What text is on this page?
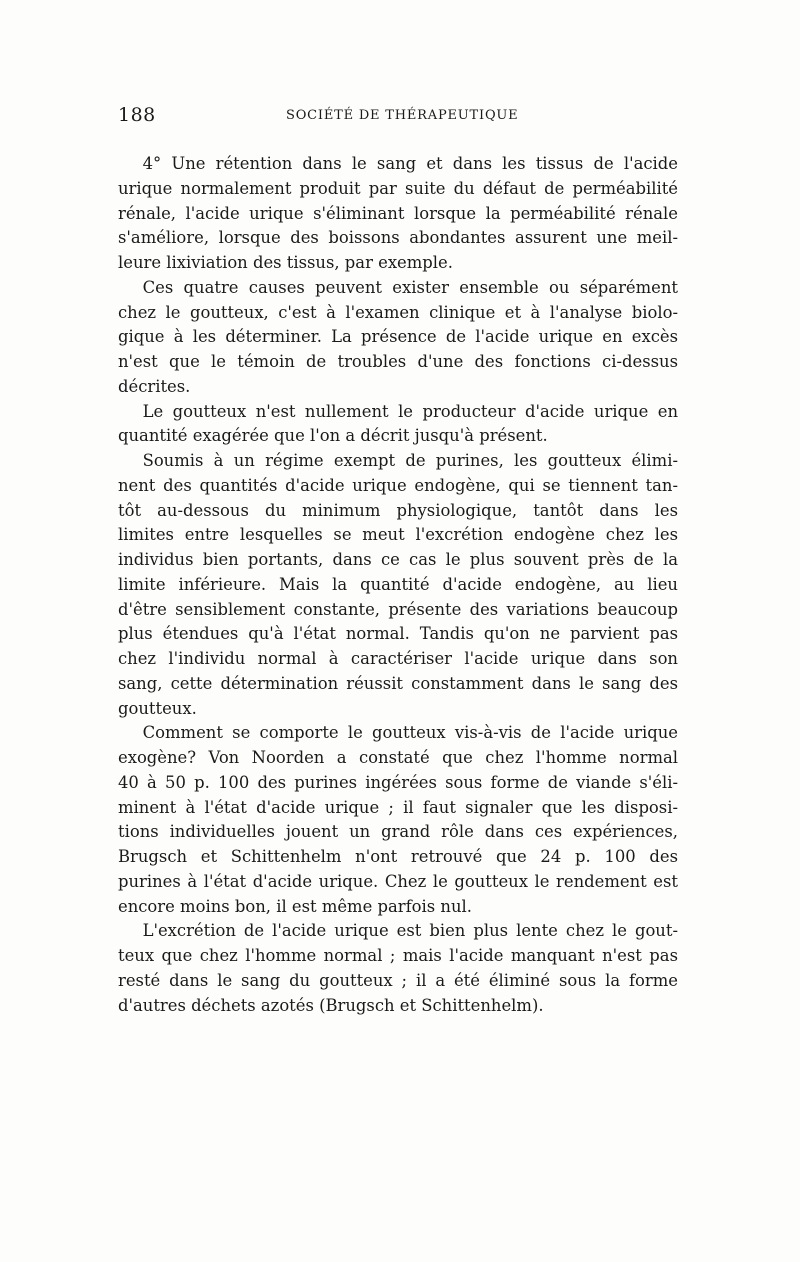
188	SOCIÉTÉ DE THÉRAPEUTIQUE
  4° Une rétention dans le sang et dans les tissus de l'acide
urique normalement produit par suite du défaut de perméabilité
rénale, l'acide urique s'éliminant lorsque la perméabilité rénale
s'améliore, lorsque des boissons abondantes assurent une meil-
leure lixiviation des tissus, par exemple.
  Ces quatre causes peuvent exister ensemble ou séparément
chez le goutteux, c'est à l'examen clinique et à l'analyse biolo-
gique à les déterminer. La présence de l'acide urique en excès
n'est que le témoin de troubles d'une des fonctions ci-dessus
décrites.
  Le goutteux n'est nullement le producteur d'acide urique en
quantité exagérée que l'on a décrit jusqu'à présent.
  Soumis à un régime exempt de purines, les goutteux élimi-
nent des quantités d'acide urique endogène, qui se tiennent tan-
tôt au-dessous du minimum physiologique, tantôt dans les
limites entre lesquelles se meut l'excrétion endogène chez les
individus bien portants, dans ce cas le plus souvent près de la
limite inférieure. Mais la quantité d'acide endogène, au lieu
d'être sensiblement constante, présente des variations beaucoup
plus étendues qu'à l'état normal. Tandis qu'on ne parvient pas
chez l'individu normal à caractériser l'acide urique dans son
sang, cette détermination réussit constamment dans le sang des
goutteux.
  Comment se comporte le goutteux vis-à-vis de l'acide urique
exogène? Von Noorden a constaté que chez l'homme normal
40 à 50 p. 100 des purines ingérées sous forme de viande s'éli-
minent à l'état d'acide urique ; il faut signaler que les disposi-
tions individuelles jouent un grand rôle dans ces expériences,
Brugsch et Schittenhelm n'ont retrouvé que 24 p. 100 des
purines à l'état d'acide urique. Chez le goutteux le rendement est
encore moins bon, il est même parfois nul.
  L'excrétion de l'acide urique est bien plus lente chez le gout-
teux que chez l'homme normal ; mais l'acide manquant n'est pas
resté dans le sang du goutteux ; il a été éliminé sous la forme
d'autres déchets azotés (Brugsch et Schittenhelm).
